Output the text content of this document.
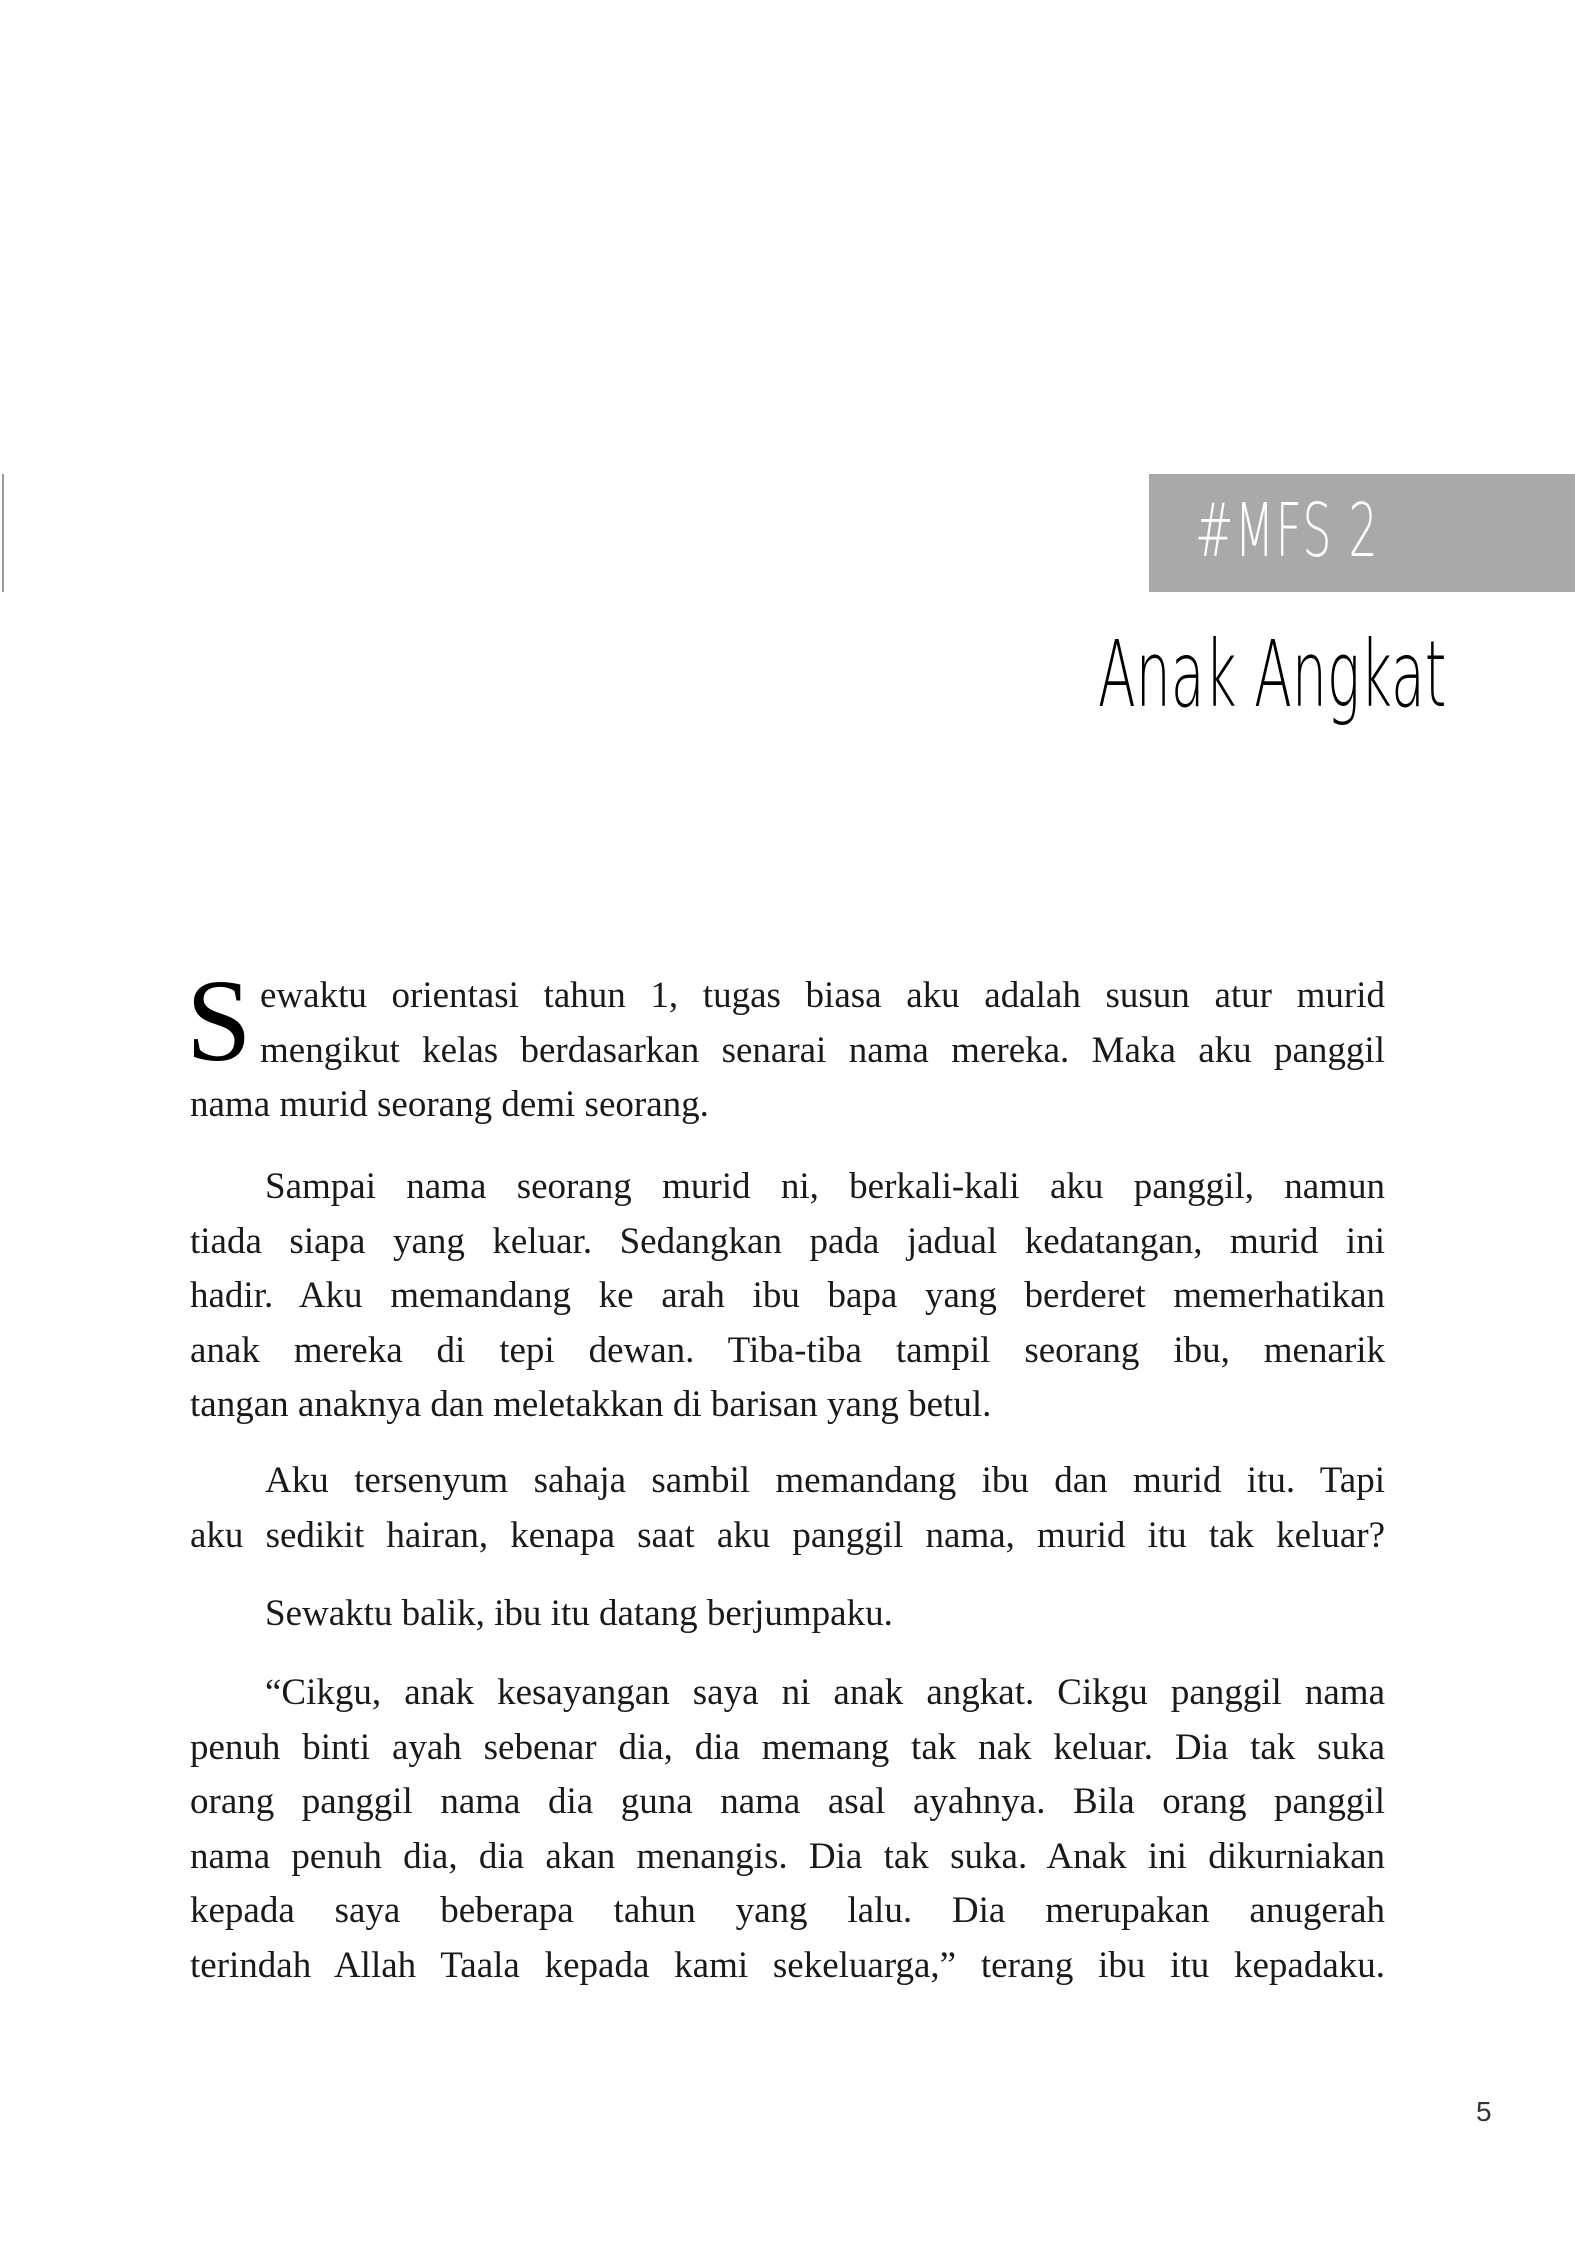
#MFS 2
Anak Angkat
S ewaktu orientasi tahun 1, tugas biasa aku adalah susun atur murid
mengikut kelas berdasarkan senarai nama mereka. Maka aku panggil
nama murid seorang demi seorang.
Sampai nama seorang murid ni, berkali-kali aku panggil, namun
tiada siapa yang keluar. Sedangkan pada jadual kedatangan, murid ini
hadir. Aku memandang ke arah ibu bapa yang berderet memerhatikan
anak mereka di tepi dewan. Tiba-tiba tampil seorang ibu, menarik
tangan anaknya dan meletakkan di barisan yang betul.
Aku tersenyum sahaja sambil memandang ibu dan murid itu. Tapi
aku sedikit hairan, kenapa saat aku panggil nama, murid itu tak keluar?
Sewaktu balik, ibu itu datang berjumpaku.
“Cikgu, anak kesayangan saya ni anak angkat. Cikgu panggil nama
penuh binti ayah sebenar dia, dia memang tak nak keluar. Dia tak suka
orang panggil nama dia guna nama asal ayahnya. Bila orang panggil
nama penuh dia, dia akan menangis. Dia tak suka. Anak ini dikurniakan
kepada saya beberapa tahun yang lalu. Dia merupakan anugerah
terindah Allah Taala kepada kami sekeluarga,” terang ibu itu kepadaku.
5
